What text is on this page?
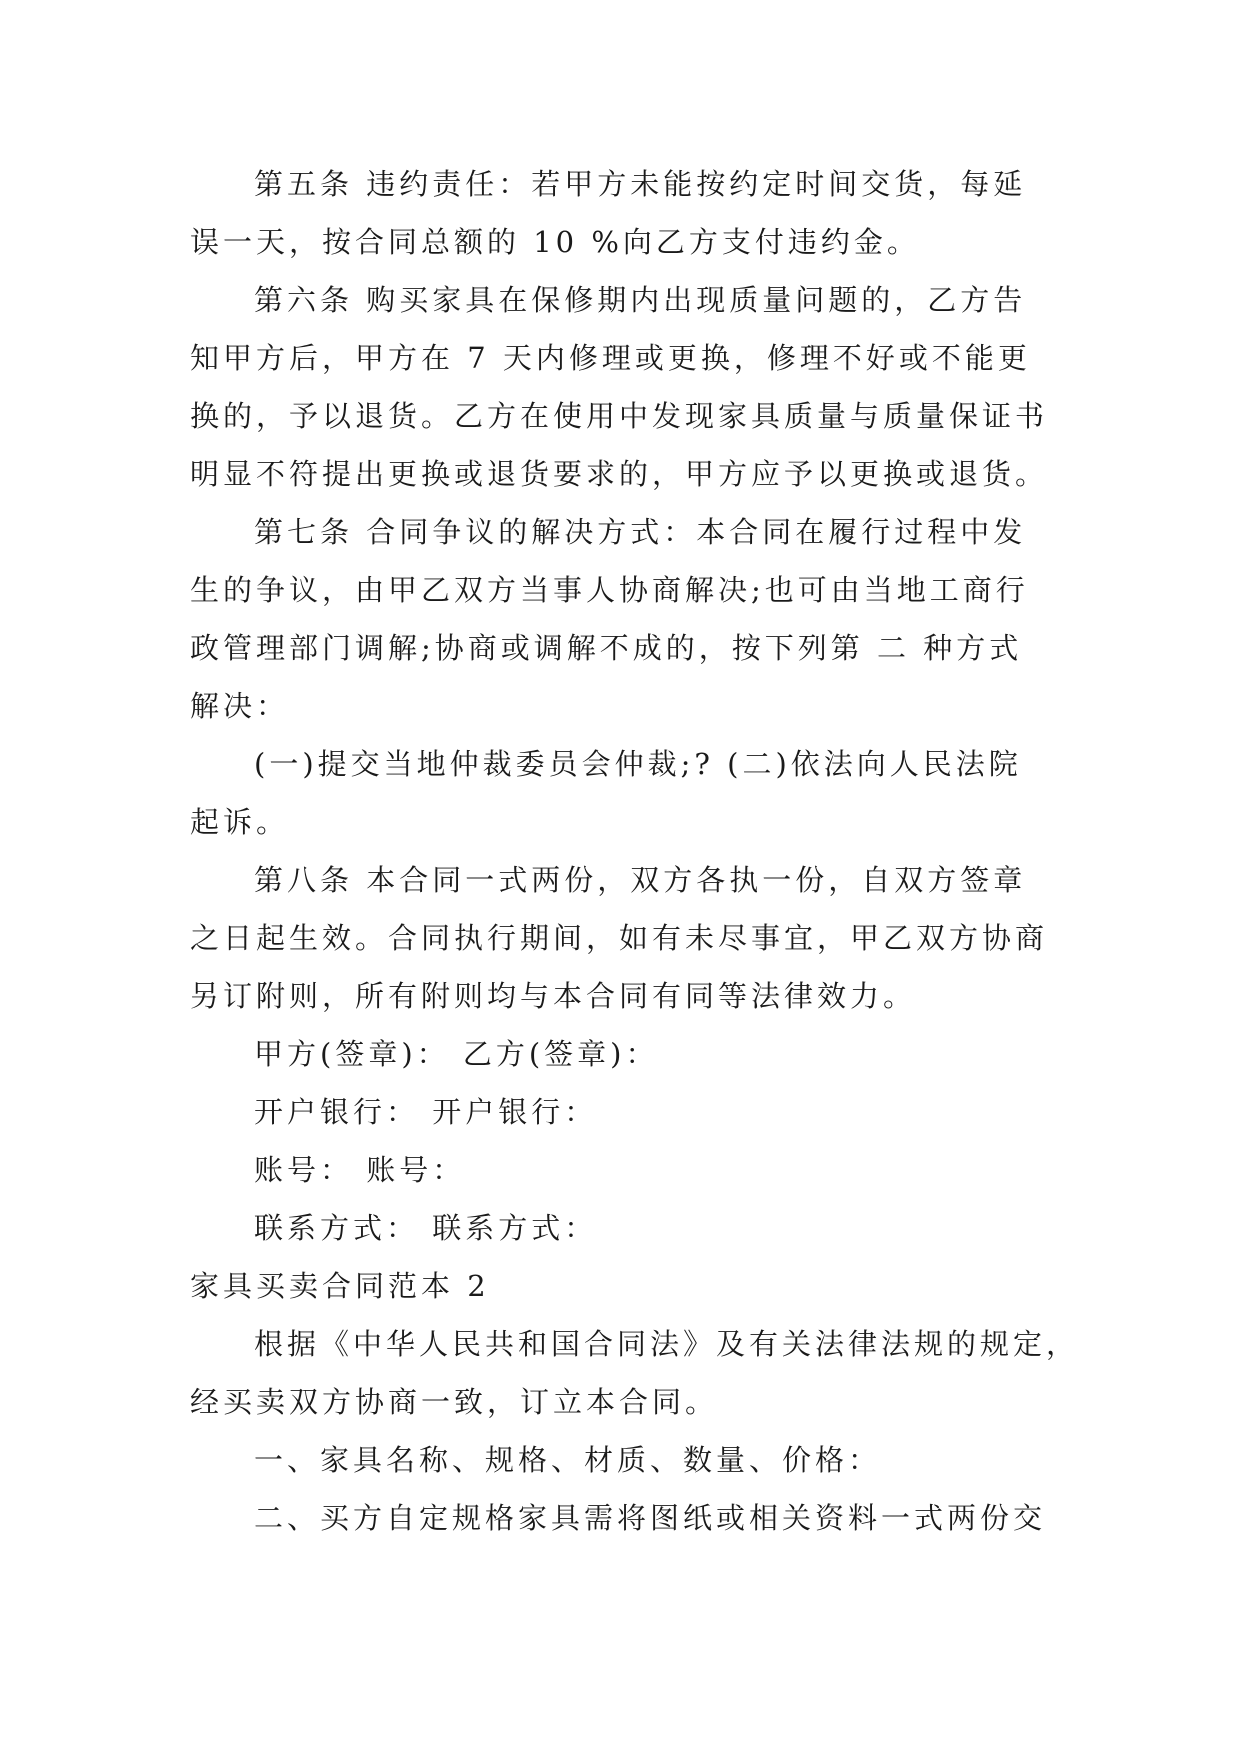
第五条 违约责任：若甲方未能按约定时间交货，每延
误一天，按合同总额的 10 %向乙方支付违约金。
第六条 购买家具在保修期内出现质量问题的，乙方告
知甲方后，甲方在 7 天内修理或更换，修理不好或不能更
换的，予以退货。乙方在使用中发现家具质量与质量保证书
明显不符提出更换或退货要求的，甲方应予以更换或退货。
第七条 合同争议的解决方式：本合同在履行过程中发
生的争议，由甲乙双方当事人协商解决;也可由当地工商行
政管理部门调解;协商或调解不成的，按下列第 二 种方式
解决：
(一)提交当地仲裁委员会仲裁;? (二)依法向人民法院
起诉。
第八条 本合同一式两份，双方各执一份，自双方签章
之日起生效。合同执行期间，如有未尽事宜，甲乙双方协商
另订附则，所有附则均与本合同有同等法律效力。
甲方(签章)： 乙方(签章)：
开户银行： 开户银行：
账号： 账号：
联系方式： 联系方式：
家具买卖合同范本 2
根据《中华人民共和国合同法》及有关法律法规的规定，
经买卖双方协商一致，订立本合同。
一、家具名称、规格、材质、数量、价格：
二、买方自定规格家具需将图纸或相关资料一式两份交
